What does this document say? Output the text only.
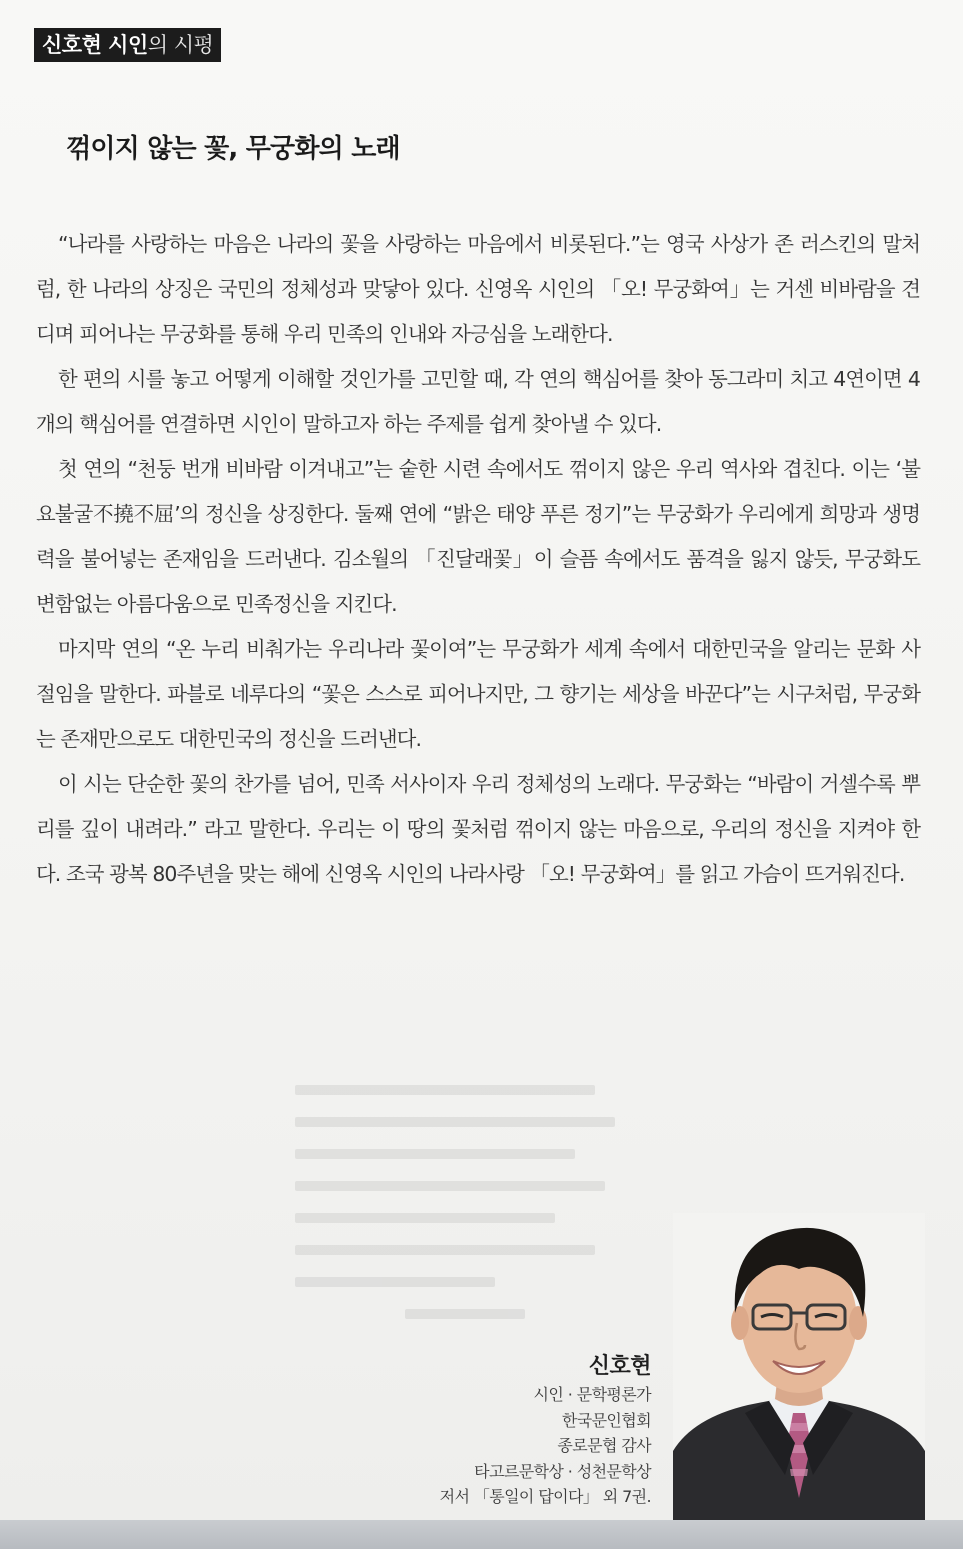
신호현 시인의 시평
꺾이지 않는 꽃, 무궁화의 노래

“나라를 사랑하는 마음은 나라의 꽃을 사랑하는 마음에서 비롯된다.”는 영국 사상가 존 러스킨의 말처럼, 한 나라의 상징은 국민의 정체성과 맞닿아 있다. 신영옥 시인의 「오! 무궁화여」는 거센 비바람을 견디며 피어나는 무궁화를 통해 우리 민족의 인내와 자긍심을 노래한다.

한 편의 시를 놓고 어떻게 이해할 것인가를 고민할 때, 각 연의 핵심어를 찾아 동그라미 치고 4연이면 4개의 핵심어를 연결하면 시인이 말하고자 하는 주제를 쉽게 찾아낼 수 있다.

첫 연의 “천둥 번개 비바람 이겨내고”는 숱한 시련 속에서도 꺾이지 않은 우리 역사와 겹친다. 이는 ‘불요불굴不撓不屈’의 정신을 상징한다. 둘째 연에 “밝은 태양 푸른 정기”는 무궁화가 우리에게 희망과 생명력을 불어넣는 존재임을 드러낸다. 김소월의 「진달래꽃」이 슬픔 속에서도 품격을 잃지 않듯, 무궁화도 변함없는 아름다움으로 민족정신을 지킨다.

마지막 연의 “온 누리 비춰가는 우리나라 꽃이여”는 무궁화가 세계 속에서 대한민국을 알리는 문화 사절임을 말한다. 파블로 네루다의 “꽃은 스스로 피어나지만, 그 향기는 세상을 바꾼다”는 시구처럼, 무궁화는 존재만으로도 대한민국의 정신을 드러낸다.

이 시는 단순한 꽃의 찬가를 넘어, 민족 서사이자 우리 정체성의 노래다. 무궁화는 “바람이 거셀수록 뿌리를 깊이 내려라.” 라고 말한다. 우리는 이 땅의 꽃처럼 꺾이지 않는 마음으로, 우리의 정신을 지켜야 한다. 조국 광복 80주년을 맞는 해에 신영옥 시인의 나라사랑 「오! 무궁화여」를 읽고 가슴이 뜨거워진다.

신호현
시인 · 문학평론가
한국문인협회
종로문협 감사
타고르문학상 · 성천문학상
저서 「통일이 답이다」 외 7권.
